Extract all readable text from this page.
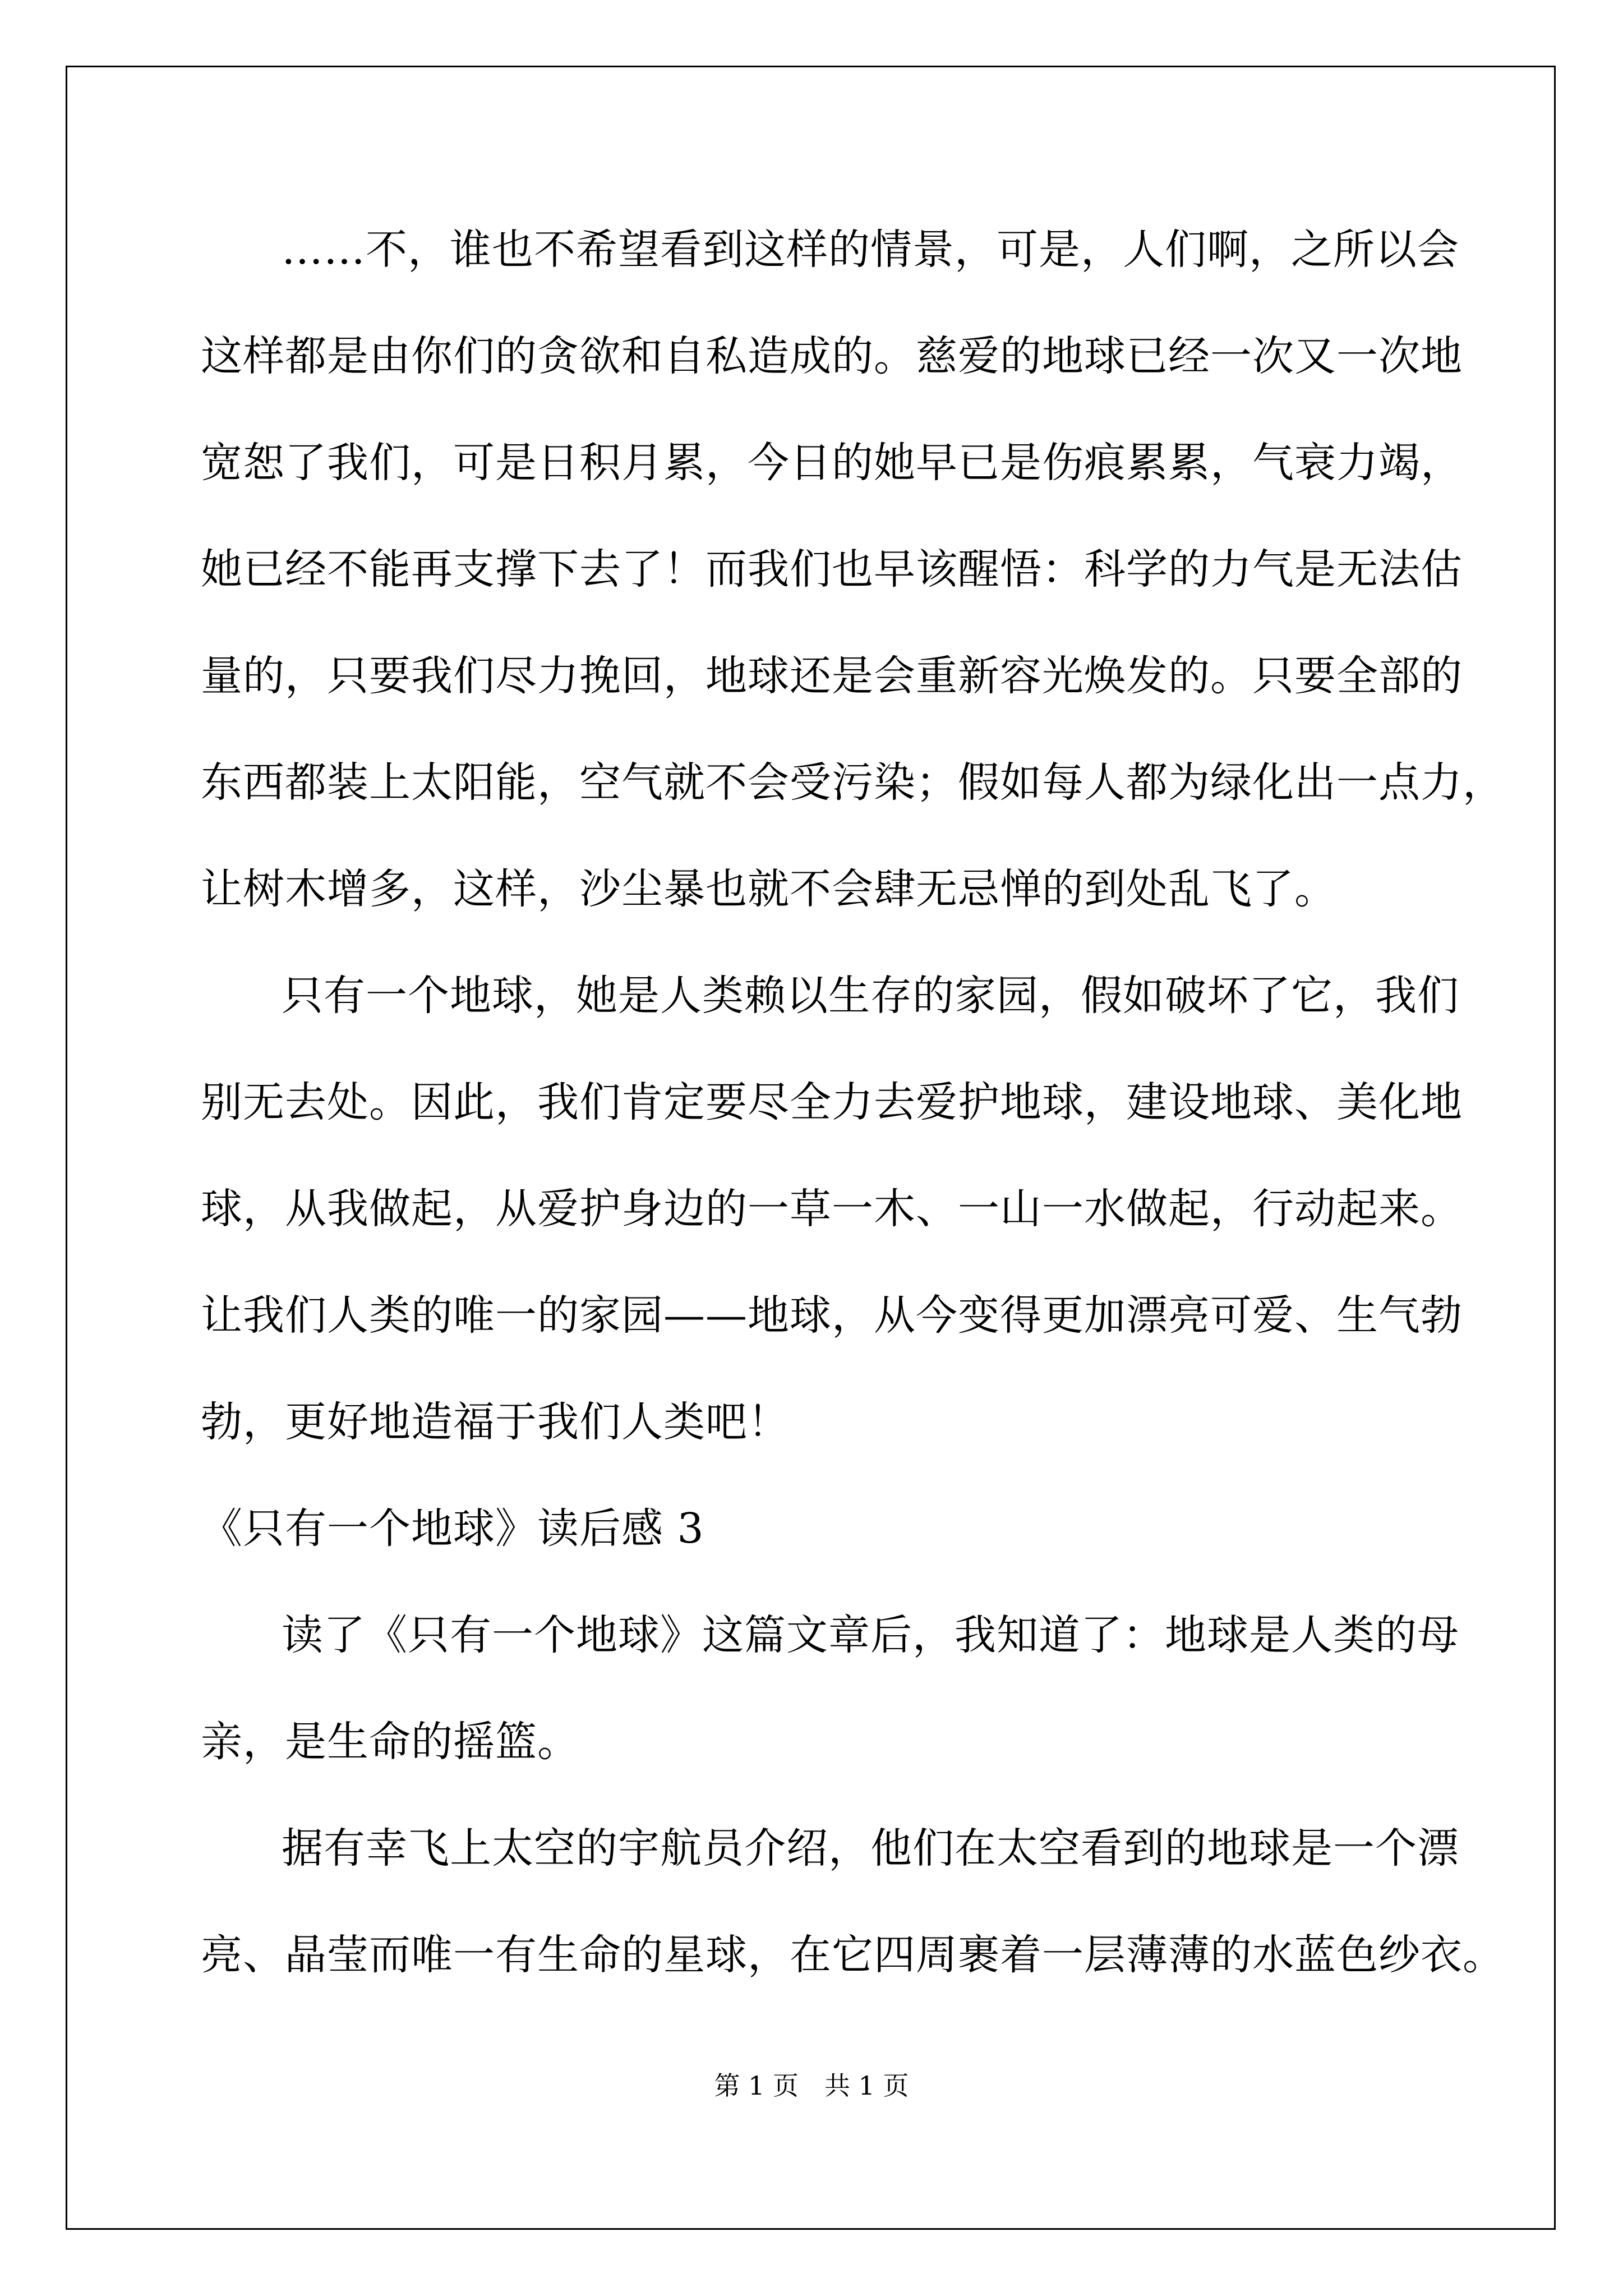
……不，谁也不希望看到这样的情景，可是，人们啊，之所以会
这样都是由你们的贪欲和自私造成的。慈爱的地球已经一次又一次地
宽恕了我们，可是日积月累，今日的她早已是伤痕累累，气衰力竭，
她已经不能再支撑下去了！而我们也早该醒悟：科学的力气是无法估
量的，只要我们尽力挽回，地球还是会重新容光焕发的。只要全部的
东西都装上太阳能，空气就不会受污染；假如每人都为绿化出一点力，
让树木增多，这样，沙尘暴也就不会肆无忌惮的到处乱飞了。
只有一个地球，她是人类赖以生存的家园，假如破坏了它，我们
别无去处。因此，我们肯定要尽全力去爱护地球，建设地球、美化地
球，从我做起，从爱护身边的一草一木、一山一水做起，行动起来。
让我们人类的唯一的家园——地球，从今变得更加漂亮可爱、生气勃
勃，更好地造福于我们人类吧！
《只有一个地球》读后感 3
读了《只有一个地球》这篇文章后，我知道了：地球是人类的母
亲，是生命的摇篮。
据有幸飞上太空的宇航员介绍，他们在太空看到的地球是一个漂
亮、晶莹而唯一有生命的星球，在它四周裹着一层薄薄的水蓝色纱衣。
第 1 页　共 1 页
